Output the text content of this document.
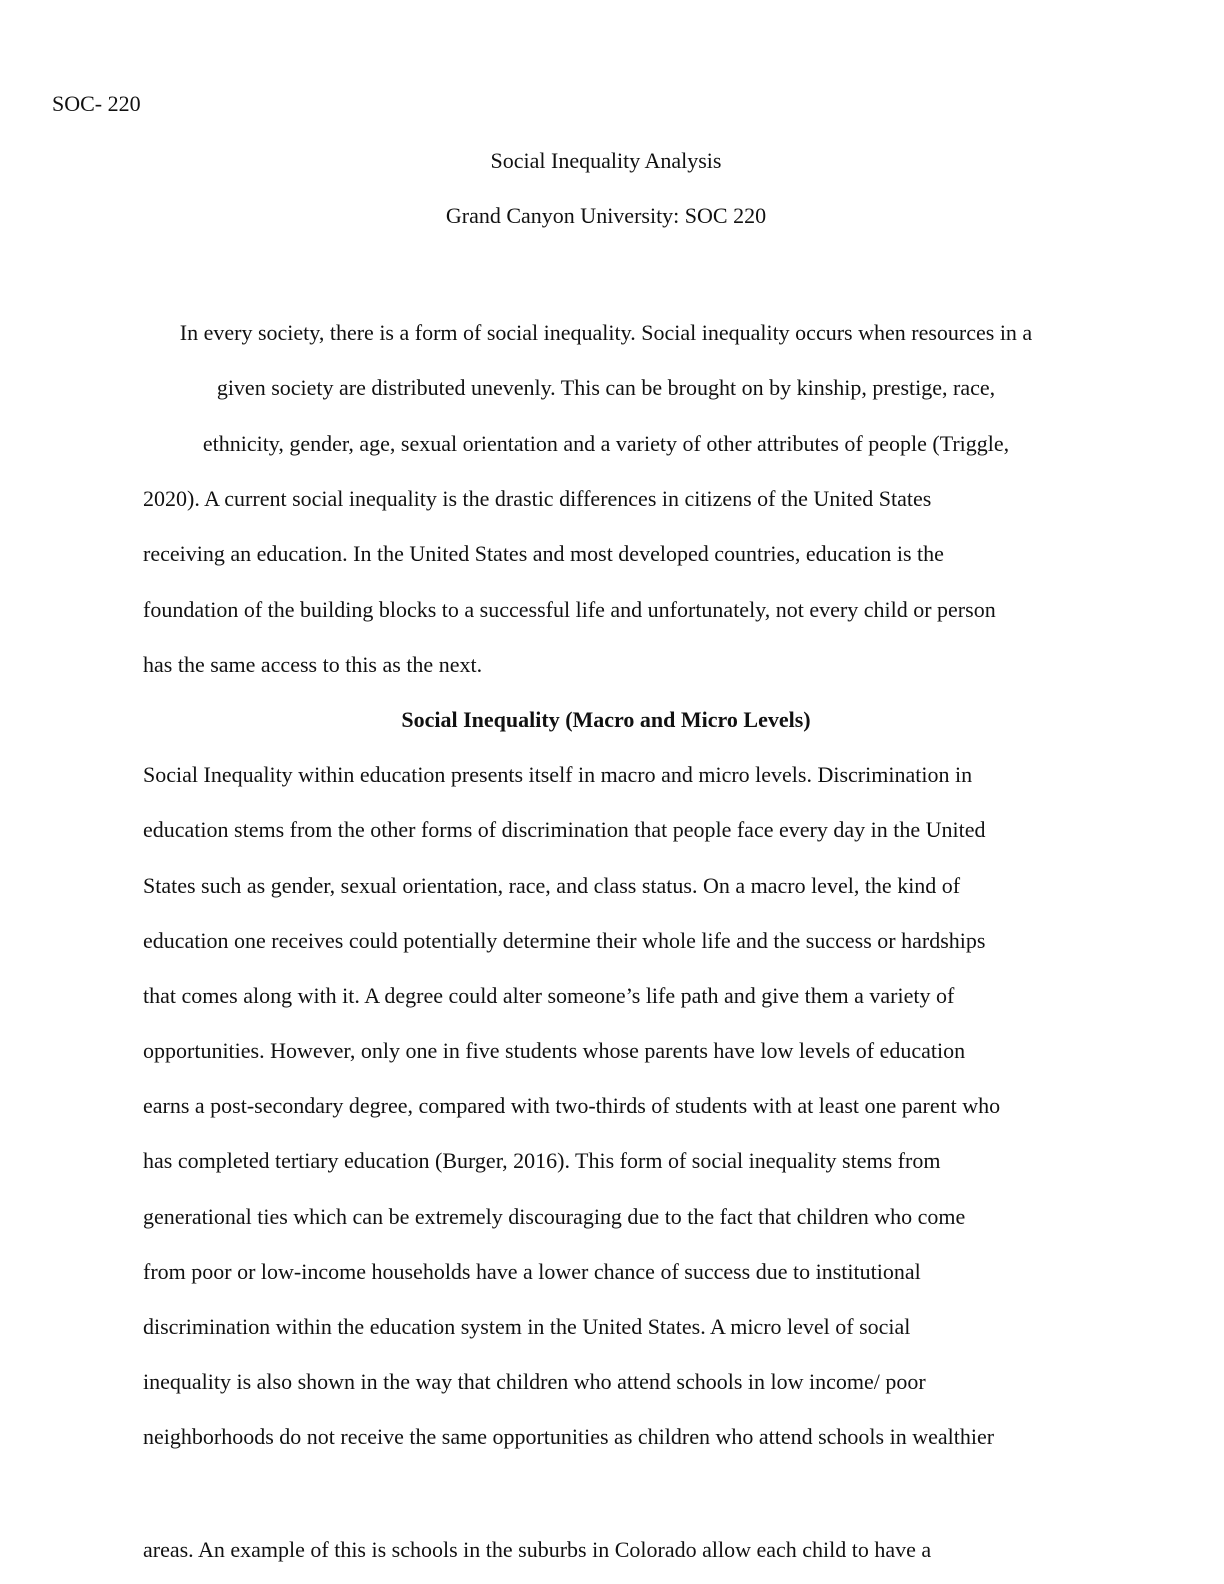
SOC- 220
Social Inequality Analysis
Grand Canyon University: SOC 220
In every society, there is a form of social inequality. Social inequality occurs when resources in a
given society are distributed unevenly. This can be brought on by kinship, prestige, race,
ethnicity, gender, age, sexual orientation and a variety of other attributes of people (Triggle,
2020). A current social inequality is the drastic differences in citizens of the United States
receiving an education. In the United States and most developed countries, education is the
foundation of the building blocks to a successful life and unfortunately, not every child or person
has the same access to this as the next.
Social Inequality (Macro and Micro Levels)
Social Inequality within education presents itself in macro and micro levels. Discrimination in
education stems from the other forms of discrimination that people face every day in the United
States such as gender, sexual orientation, race, and class status. On a macro level, the kind of
education one receives could potentially determine their whole life and the success or hardships
that comes along with it. A degree could alter someone’s life path and give them a variety of
opportunities. However, only one in five students whose parents have low levels of education
earns a post-secondary degree, compared with two-thirds of students with at least one parent who
has completed tertiary education (Burger, 2016). This form of social inequality stems from
generational ties which can be extremely discouraging due to the fact that children who come
from poor or low-income households have a lower chance of success due to institutional
discrimination within the education system in the United States. A micro level of social
inequality is also shown in the way that children who attend schools in low income/ poor
neighborhoods do not receive the same opportunities as children who attend schools in wealthier
areas. An example of this is schools in the suburbs in Colorado allow each child to have a
